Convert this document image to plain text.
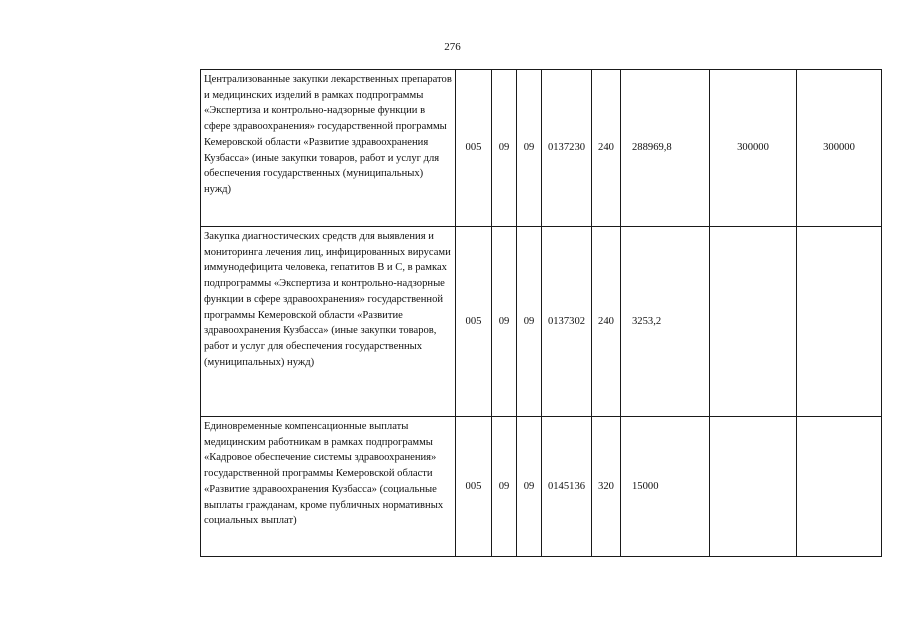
276
Централизованные закупки лекарственных препаратов и медицинских изделий в рамках подпрограммы «Экспертиза и контрольно-надзорные функции в сфере здравоохранения» государственной программы Кемеровской области «Развитие здравоохранения Кузбасса» (иные закупки товаров, работ и услуг для обеспечения государственных (муниципальных) нужд)	005	09	09	0137230	240	288969,8	300000	300000
Закупка диагностических средств для выявления и мониторинга лечения лиц, инфицированных вирусами иммунодефицита человека, гепатитов В и С, в рамках подпрограммы «Экспертиза и контрольно-надзорные функции в сфере здравоохранения» государственной программы Кемеровской области «Развитие здравоохранения Кузбасса» (иные закупки товаров, работ и услуг для обеспечения государственных (муниципальных) нужд)	005	09	09	0137302	240	3253,2		
Единовременные компенсационные выплаты медицинским работникам в рамках подпрограммы «Кадровое обеспечение системы здравоохранения» государственной программы Кемеровской области «Развитие здравоохранения Кузбасса» (социальные выплаты гражданам, кроме публичных нормативных социальных выплат)	005	09	09	0145136	320	15000		
